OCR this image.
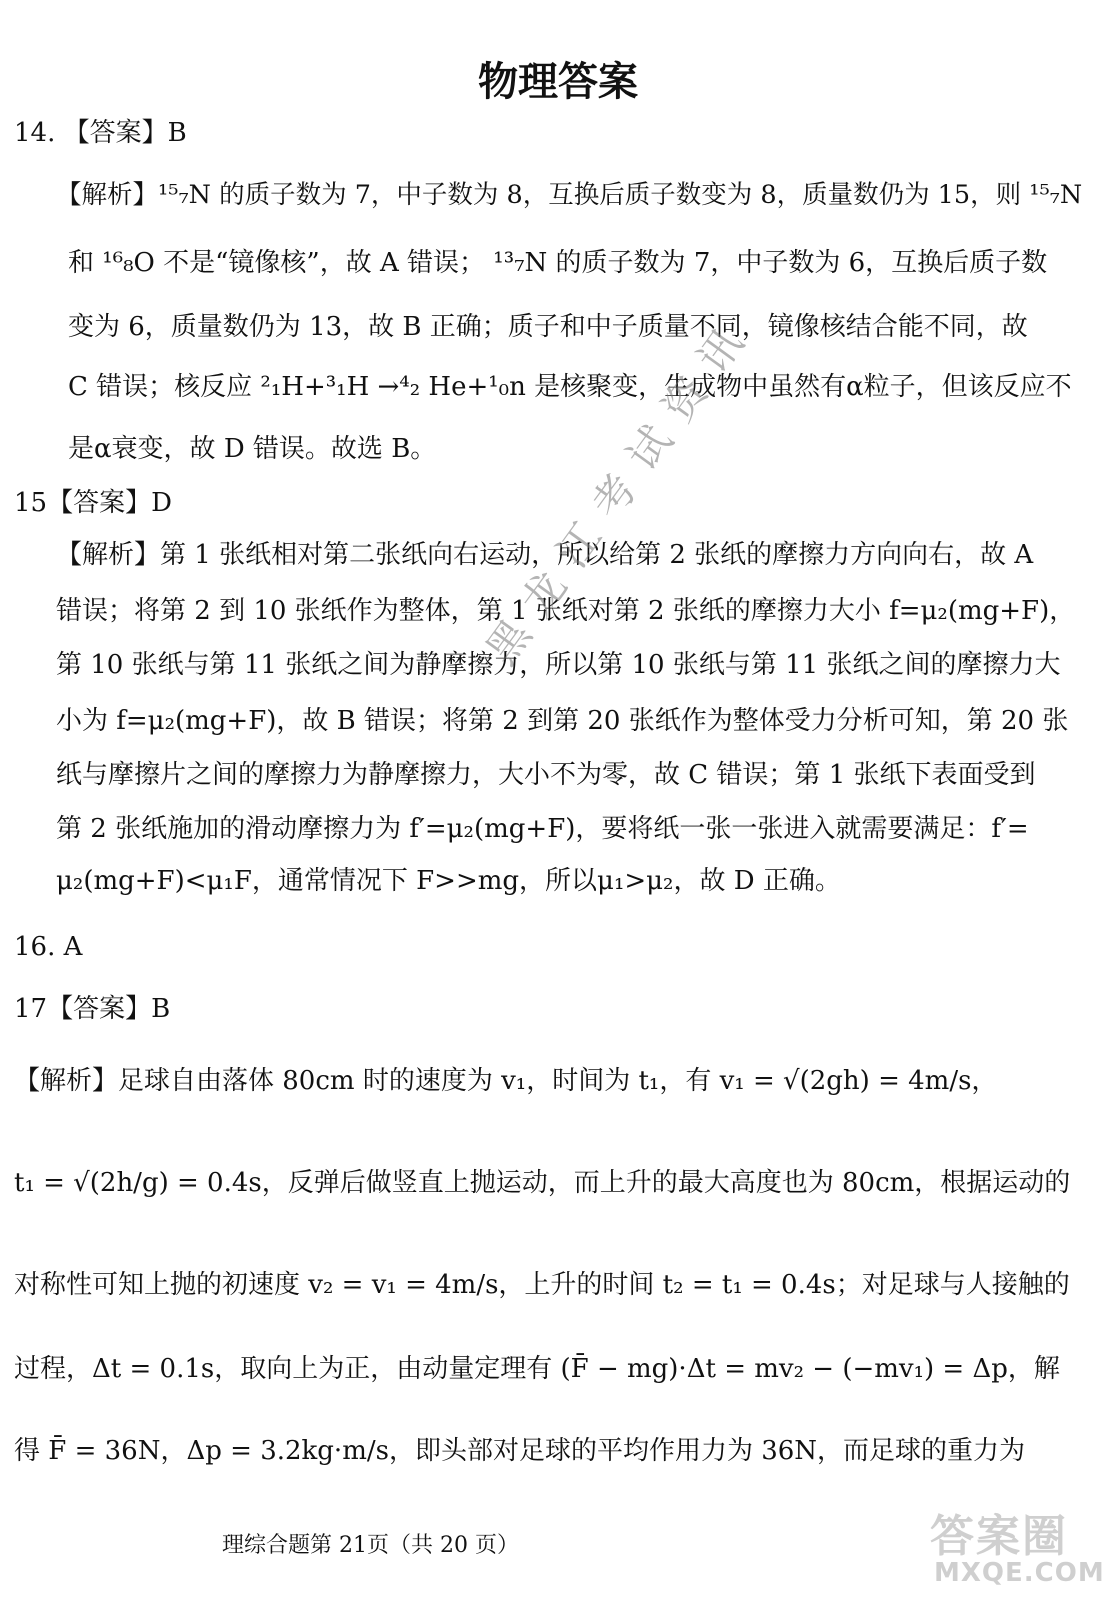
物理答案
14. 【答案】B
【解析】¹⁵₇N 的质子数为 7，中子数为 8，互换后质子数变为 8，质量数仍为 15，则 ¹⁵₇N
和 ¹⁶₈O 不是“镜像核”，故 A 错误； ¹³₇N 的质子数为 7，中子数为 6，互换后质子数
变为 6，质量数仍为 13，故 B 正确；质子和中子质量不同，镜像核结合能不同，故
C 错误；核反应 ²₁H+³₁H →⁴₂ He+¹₀n 是核聚变，生成物中虽然有α粒子，但该反应不
是α衰变，故 D 错误。故选 B。
15【答案】D
【解析】第 1 张纸相对第二张纸向右运动，所以给第 2 张纸的摩擦力方向向右，故 A
错误；将第 2 到 10 张纸作为整体，第 1 张纸对第 2 张纸的摩擦力大小 f=μ₂(mg+F)，
第 10 张纸与第 11 张纸之间为静摩擦力，所以第 10 张纸与第 11 张纸之间的摩擦力大
小为 f=μ₂(mg+F)，故 B 错误；将第 2 到第 20 张纸作为整体受力分析可知，第 20 张
纸与摩擦片之间的摩擦力为静摩擦力，大小不为零，故 C 错误；第 1 张纸下表面受到
第 2 张纸施加的滑动摩擦力为 f′=μ₂(mg+F)，要将纸一张一张进入就需要满足：f′=
μ₂(mg+F)<μ₁F，通常情况下 F>>mg，所以μ₁>μ₂，故 D 正确。
16. A
17【答案】B
【解析】足球自由落体 80cm 时的速度为 v₁，时间为 t₁，有 v₁ = √(2gh) = 4m/s，
t₁ = √(2h/g) = 0.4s，反弹后做竖直上抛运动，而上升的最大高度也为 80cm，根据运动的
对称性可知上抛的初速度 v₂ = v₁ = 4m/s，上升的时间 t₂ = t₁ = 0.4s；对足球与人接触的
过程，Δt = 0.1s，取向上为正，由动量定理有 (F̄ − mg)·Δt = mv₂ − (−mv₁) = Δp，解
得 F̄ = 36N，Δp = 3.2kg·m/s，即头部对足球的平均作用力为 36N，而足球的重力为
黑龙江考试资讯
理综合题第 21页（共 20 页）	答案圈
MXQE.COM
